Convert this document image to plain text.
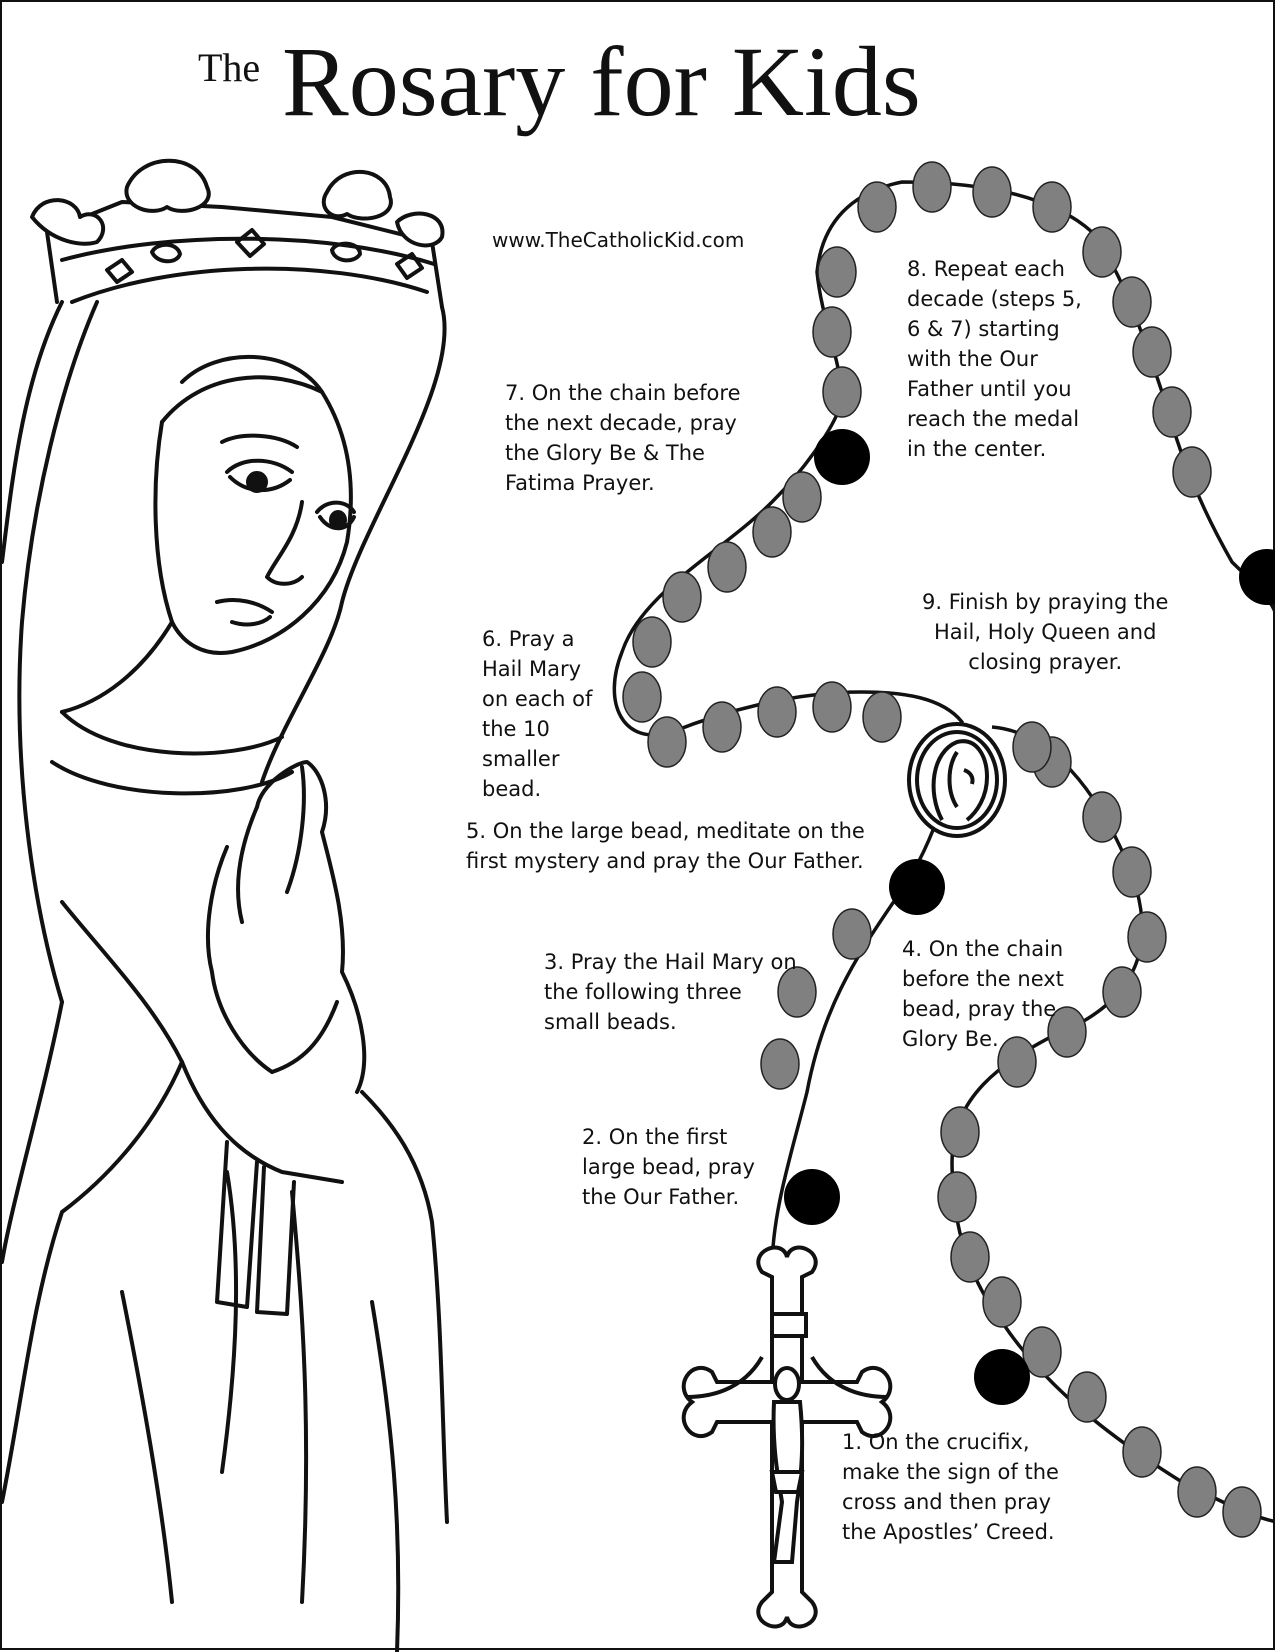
The Rosary for Kids
www.TheCatholicKid.com
1. On the crucifix,
make the sign of the
cross and then pray
the Apostles’ Creed.
2. On the first
large bead, pray
the Our Father.
3. Pray the Hail Mary on
the following three
small beads.
4. On the chain
before the next
bead, pray the
Glory Be.
5. On the large bead, meditate on the
first mystery and pray the Our Father.
6. Pray a
Hail Mary
on each of
the 10
smaller
bead.
7. On the chain before
the next decade, pray
the Glory Be & The
Fatima Prayer.
8. Repeat each
decade (steps 5,
6 & 7) starting
with the Our
Father until you
reach the medal
in the center.
9. Finish by praying the
Hail, Holy Queen and
closing prayer.
